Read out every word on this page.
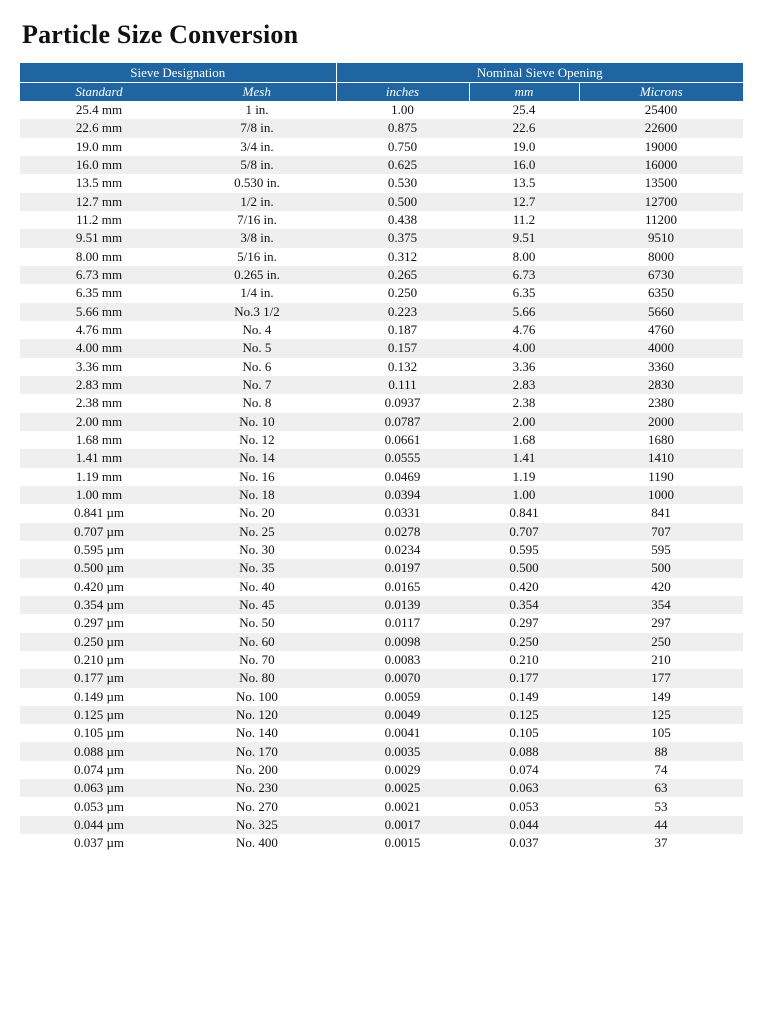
Particle Size Conversion
Sieve Designation		Nominal Sieve Opening		
Standard	Mesh	inches	mm	Microns
25.4 mm	1 in.	1.00	25.4	25400
22.6 mm	7/8 in.	0.875	22.6	22600
19.0 mm	3/4 in.	0.750	19.0	19000
16.0 mm	5/8 in.	0.625	16.0	16000
13.5 mm	0.530 in.	0.530	13.5	13500
12.7 mm	1/2 in.	0.500	12.7	12700
11.2 mm	7/16 in.	0.438	11.2	11200
9.51 mm	3/8 in.	0.375	9.51	9510
8.00 mm	5/16 in.	0.312	8.00	8000
6.73 mm	0.265 in.	0.265	6.73	6730
6.35 mm	1/4 in.	0.250	6.35	6350
5.66 mm	No.3 1/2	0.223	5.66	5660
4.76 mm	No. 4	0.187	4.76	4760
4.00 mm	No. 5	0.157	4.00	4000
3.36 mm	No. 6	0.132	3.36	3360
2.83 mm	No. 7	0.111	2.83	2830
2.38 mm	No. 8	0.0937	2.38	2380
2.00 mm	No. 10	0.0787	2.00	2000
1.68 mm	No. 12	0.0661	1.68	1680
1.41 mm	No. 14	0.0555	1.41	1410
1.19 mm	No. 16	0.0469	1.19	1190
1.00 mm	No. 18	0.0394	1.00	1000
0.841 µm	No. 20	0.0331	0.841	841
0.707 µm	No. 25	0.0278	0.707	707
0.595 µm	No. 30	0.0234	0.595	595
0.500 µm	No. 35	0.0197	0.500	500
0.420 µm	No. 40	0.0165	0.420	420
0.354 µm	No. 45	0.0139	0.354	354
0.297 µm	No. 50	0.0117	0.297	297
0.250 µm	No. 60	0.0098	0.250	250
0.210 µm	No. 70	0.0083	0.210	210
0.177 µm	No. 80	0.0070	0.177	177
0.149 µm	No. 100	0.0059	0.149	149
0.125 µm	No. 120	0.0049	0.125	125
0.105 µm	No. 140	0.0041	0.105	105
0.088 µm	No. 170	0.0035	0.088	88
0.074 µm	No. 200	0.0029	0.074	74
0.063 µm	No. 230	0.0025	0.063	63
0.053 µm	No. 270	0.0021	0.053	53
0.044 µm	No. 325	0.0017	0.044	44
0.037 µm	No. 400	0.0015	0.037	37
